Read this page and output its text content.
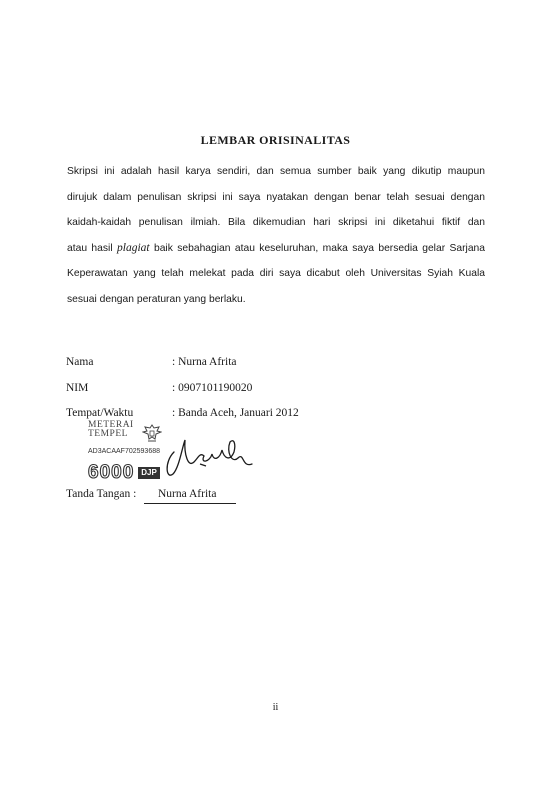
LEMBAR ORISINALITAS
Skripsi ini adalah hasil karya sendiri, dan semua sumber baik yang dikutip maupun
dirujuk dalam penulisan skripsi ini saya nyatakan dengan benar telah sesuai dengan
kaidah-kaidah penulisan ilmiah. Bila dikemudian hari skripsi ini diketahui fiktif dan
atau hasil plagiat baik sebahagian atau keseluruhan, maka saya bersedia gelar Sarjana
Keperawatan yang telah melekat pada diri saya dicabut oleh Universitas Syiah Kuala
sesuai dengan peraturan yang berlaku.
Nama	: Nurna Afrita
NIM	: 0907101190020
Tempat/Waktu	: Banda Aceh, Januari 2012
METERAI
TEMPEL
AD3ACAAF702593688
6000 DJP
Tanda Tangan : Nurna Afrita
ii
